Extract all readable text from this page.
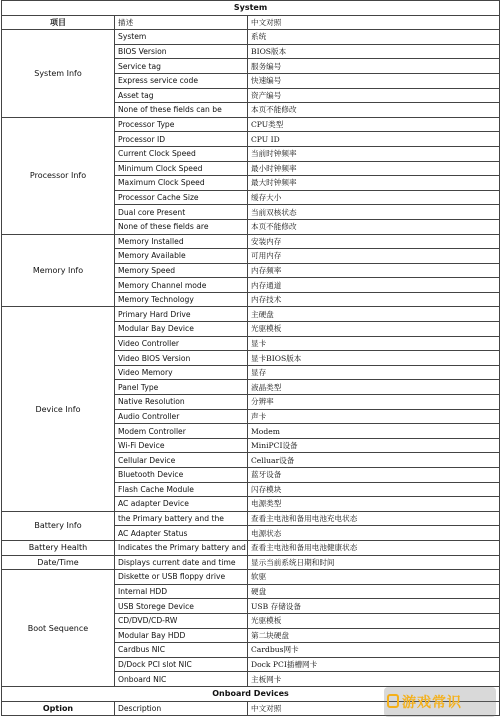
System		
项目	描述	中文对照
System Info	System	系统
	BIOS Version	BIOS版本
	Service tag	服务编号
	Express service code	快速编号
	Asset tag	资产编号
	None of these fields can be	本页不能修改
Processor Info	Processor Type	CPU类型
	Processor ID	CPU ID
	Current Clock Speed	当前时钟频率
	Minimum Clock Speed	最小时钟频率
	Maximum Clock Speed	最大时钟频率
	Processor Cache Size	缓存大小
	Dual core Present	当前双核状态
	None of these fields are	本页不能修改
Memory Info	Memory Installed	安装内存
	Memory Available	可用内存
	Memory Speed	内存频率
	Memory Channel mode	内存通道
	Memory Technology	内存技术
Device Info	Primary Hard Drive	主硬盘
	Modular Bay Device	光驱模板
	Video Controller	显卡
	Video BIOS Version	显卡BIOS版本
	Video Memory	显存
	Panel Type	液晶类型
	Native Resolution	分辨率
	Audio Controller	声卡
	Modem Controller	Modem
	Wi-Fi Device	MiniPCI设备
	Cellular Device	Celluar设备
	Bluetooth Device	蓝牙设备
	Flash Cache Module	闪存模块
	AC adapter Device	电源类型
Battery Info	the Primary battery and the	查看主电池和备用电池充电状态
	AC Adapter Status	电源状态
Battery Health	Indicates the Primary battery and	查看主电池和备用电池健康状态
Date/Time	Displays current date and time	显示当前系统日期和时间
Boot Sequence	Diskette or USB floppy drive	软驱
	Internal HDD	硬盘
	USB Storege Device	USB 存储设备
	CD/DVD/CD-RW	光驱模板
	Modular Bay HDD	第二块硬盘
	Cardbus NIC	Cardbus网卡
	D/Dock PCI slot NIC	Dock PCI插槽网卡
	Onboard NIC	主板网卡
Onboard Devices		
Option	Description	中文对照	游戏常识
